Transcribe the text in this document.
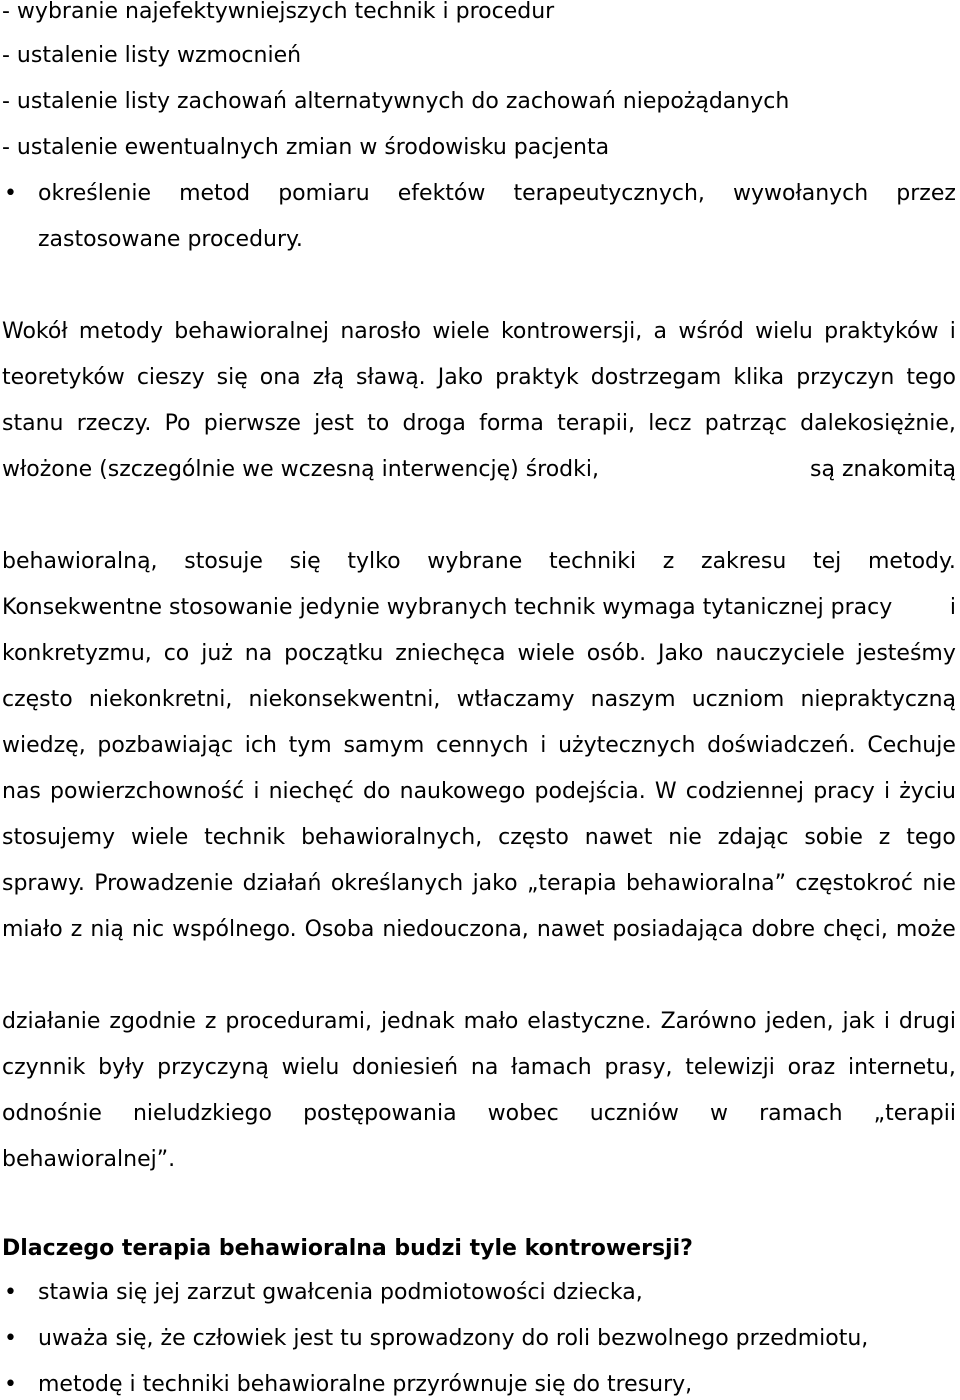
- wybranie najefektywniejszych technik i procedur
- ustalenie listy wzmocnień
- ustalenie listy zachowań alternatywnych do zachowań niepożądanych
- ustalenie ewentualnych zmian w środowisku pacjenta
• określenie metod pomiaru efektów terapeutycznych, wywołanych przez
zastosowane procedury.
Wokół metody behawioralnej narosło wiele kontrowersji, a wśród wielu praktyków i
teoretyków cieszy się ona złą sławą. Jako praktyk dostrzegam klika przyczyn tego
stanu rzeczy. Po pierwsze jest to droga forma terapii, lecz patrząc dalekosiężnie,
włożone (szczególnie we wczesną interwencję) środki,	są znakomitą
behawioralną, stosuje się tylko wybrane techniki z zakresu tej metody.
Konsekwentne stosowanie jedynie wybranych technik wymaga tytanicznej pracy	i
konkretyzmu, co już na początku zniechęca wiele osób. Jako nauczyciele jesteśmy
często niekonkretni, niekonsekwentni, wtłaczamy naszym uczniom niepraktyczną
wiedzę, pozbawiając ich tym samym cennych i użytecznych doświadczeń. Cechuje
nas powierzchowność i niechęć do naukowego podejścia. W codziennej pracy i życiu
stosujemy wiele technik behawioralnych, często nawet nie zdając sobie z tego
sprawy. Prowadzenie działań określanych jako „terapia behawioralna” częstokroć nie
miało z nią nic wspólnego. Osoba niedouczona, nawet posiadająca dobre chęci, może
działanie zgodnie z procedurami, jednak mało elastyczne. Zarówno jeden, jak i drugi
czynnik były przyczyną wielu doniesień na łamach prasy, telewizji oraz internetu,
odnośnie nieludzkiego postępowania wobec uczniów w ramach „terapii
behawioralnej”.
Dlaczego terapia behawioralna budzi tyle kontrowersji?
• stawia się jej zarzut gwałcenia podmiotowości dziecka,
• uważa się, że człowiek jest tu sprowadzony do roli bezwolnego przedmiotu,
• metodę i techniki behawioralne przyrównuje się do tresury,
